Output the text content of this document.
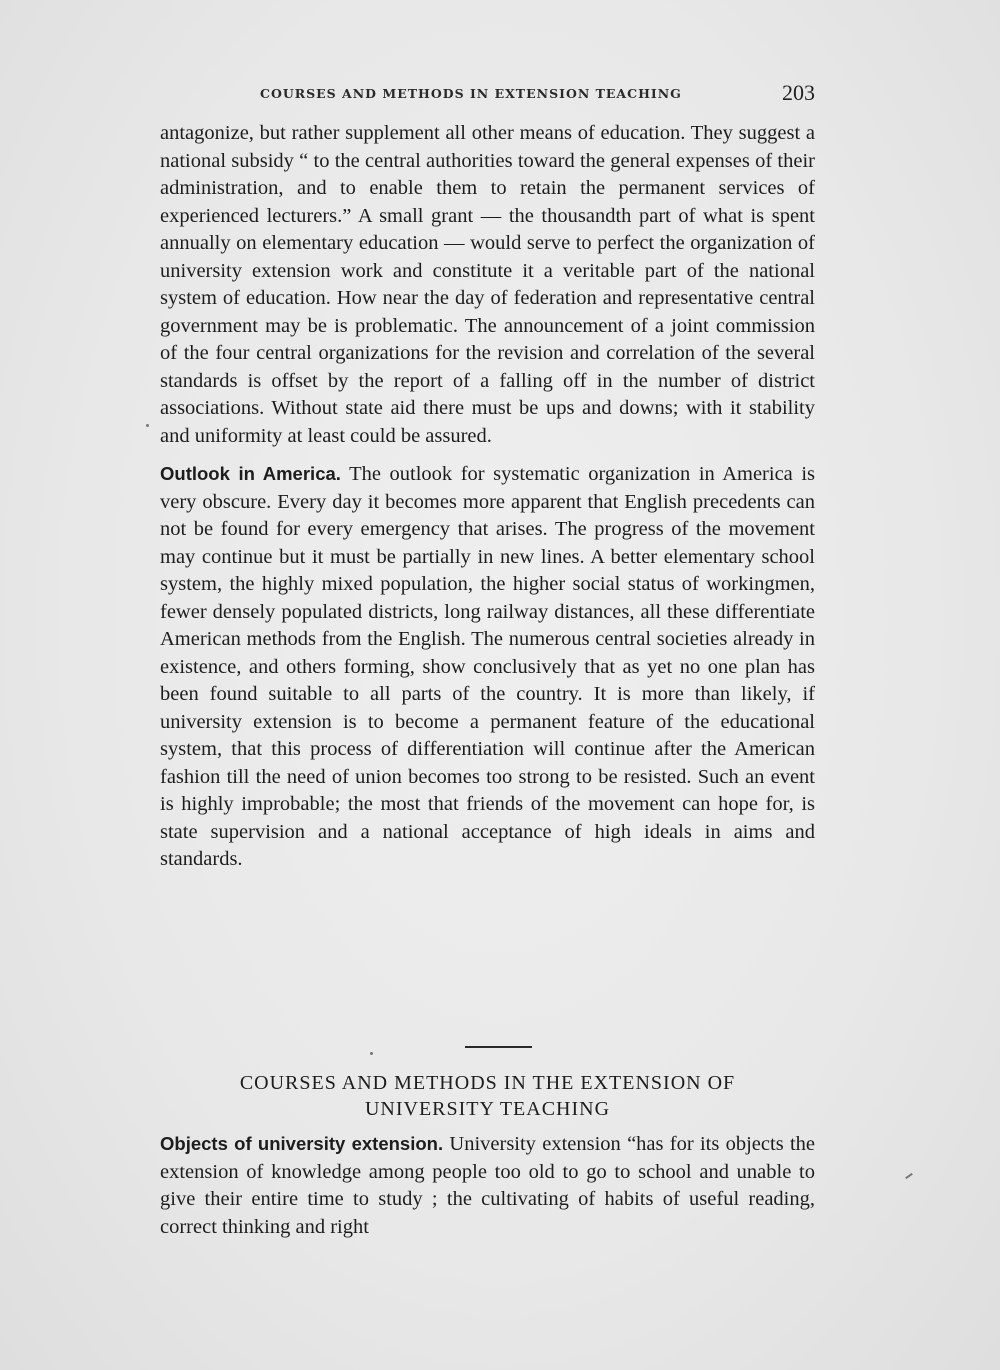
COURSES AND METHODS IN EXTENSION TEACHING	203

antagonize, but rather supplement all other means of education. They suggest a national subsidy “ to the central authorities toward the general expenses of their administration, and to enable them to retain the permanent services of experienced lecturers.” A small grant — the thousandth part of what is spent annually on elementary education — would serve to perfect the organization of university extension work and constitute it a veritable part of the national system of education. How near the day of federation and representative central government may be is problematic. The announcement of a joint commission of the four central organizations for the revision and correlation of the several standards is offset by the report of a falling off in the number of district associations. Without state aid there must be ups and downs; with it stability and uniformity at least could be assured.

Outlook in America. The outlook for systematic organization in America is very obscure. Every day it becomes more apparent that English precedents can not be found for every emergency that arises. The progress of the movement may continue but it must be partially in new lines. A better elementary school system, the highly mixed population, the higher social status of workingmen, fewer densely populated districts, long railway distances, all these differentiate American methods from the English. The numerous central societies already in existence, and others forming, show conclusively that as yet no one plan has been found suitable to all parts of the country. It is more than likely, if university extension is to become a permanent feature of the educational system, that this process of differentiation will continue after the American fashion till the need of union becomes too strong to be resisted. Such an event is highly improbable; the most that friends of the movement can hope for, is state supervision and a national acceptance of high ideals in aims and standards.

COURSES AND METHODS IN THE EXTENSION OF
UNIVERSITY TEACHING

Objects of university extension. University extension “has for its objects the extension of knowledge among people too old to go to school and unable to give their entire time to study ; the cultivating of habits of useful reading, correct thinking and right
